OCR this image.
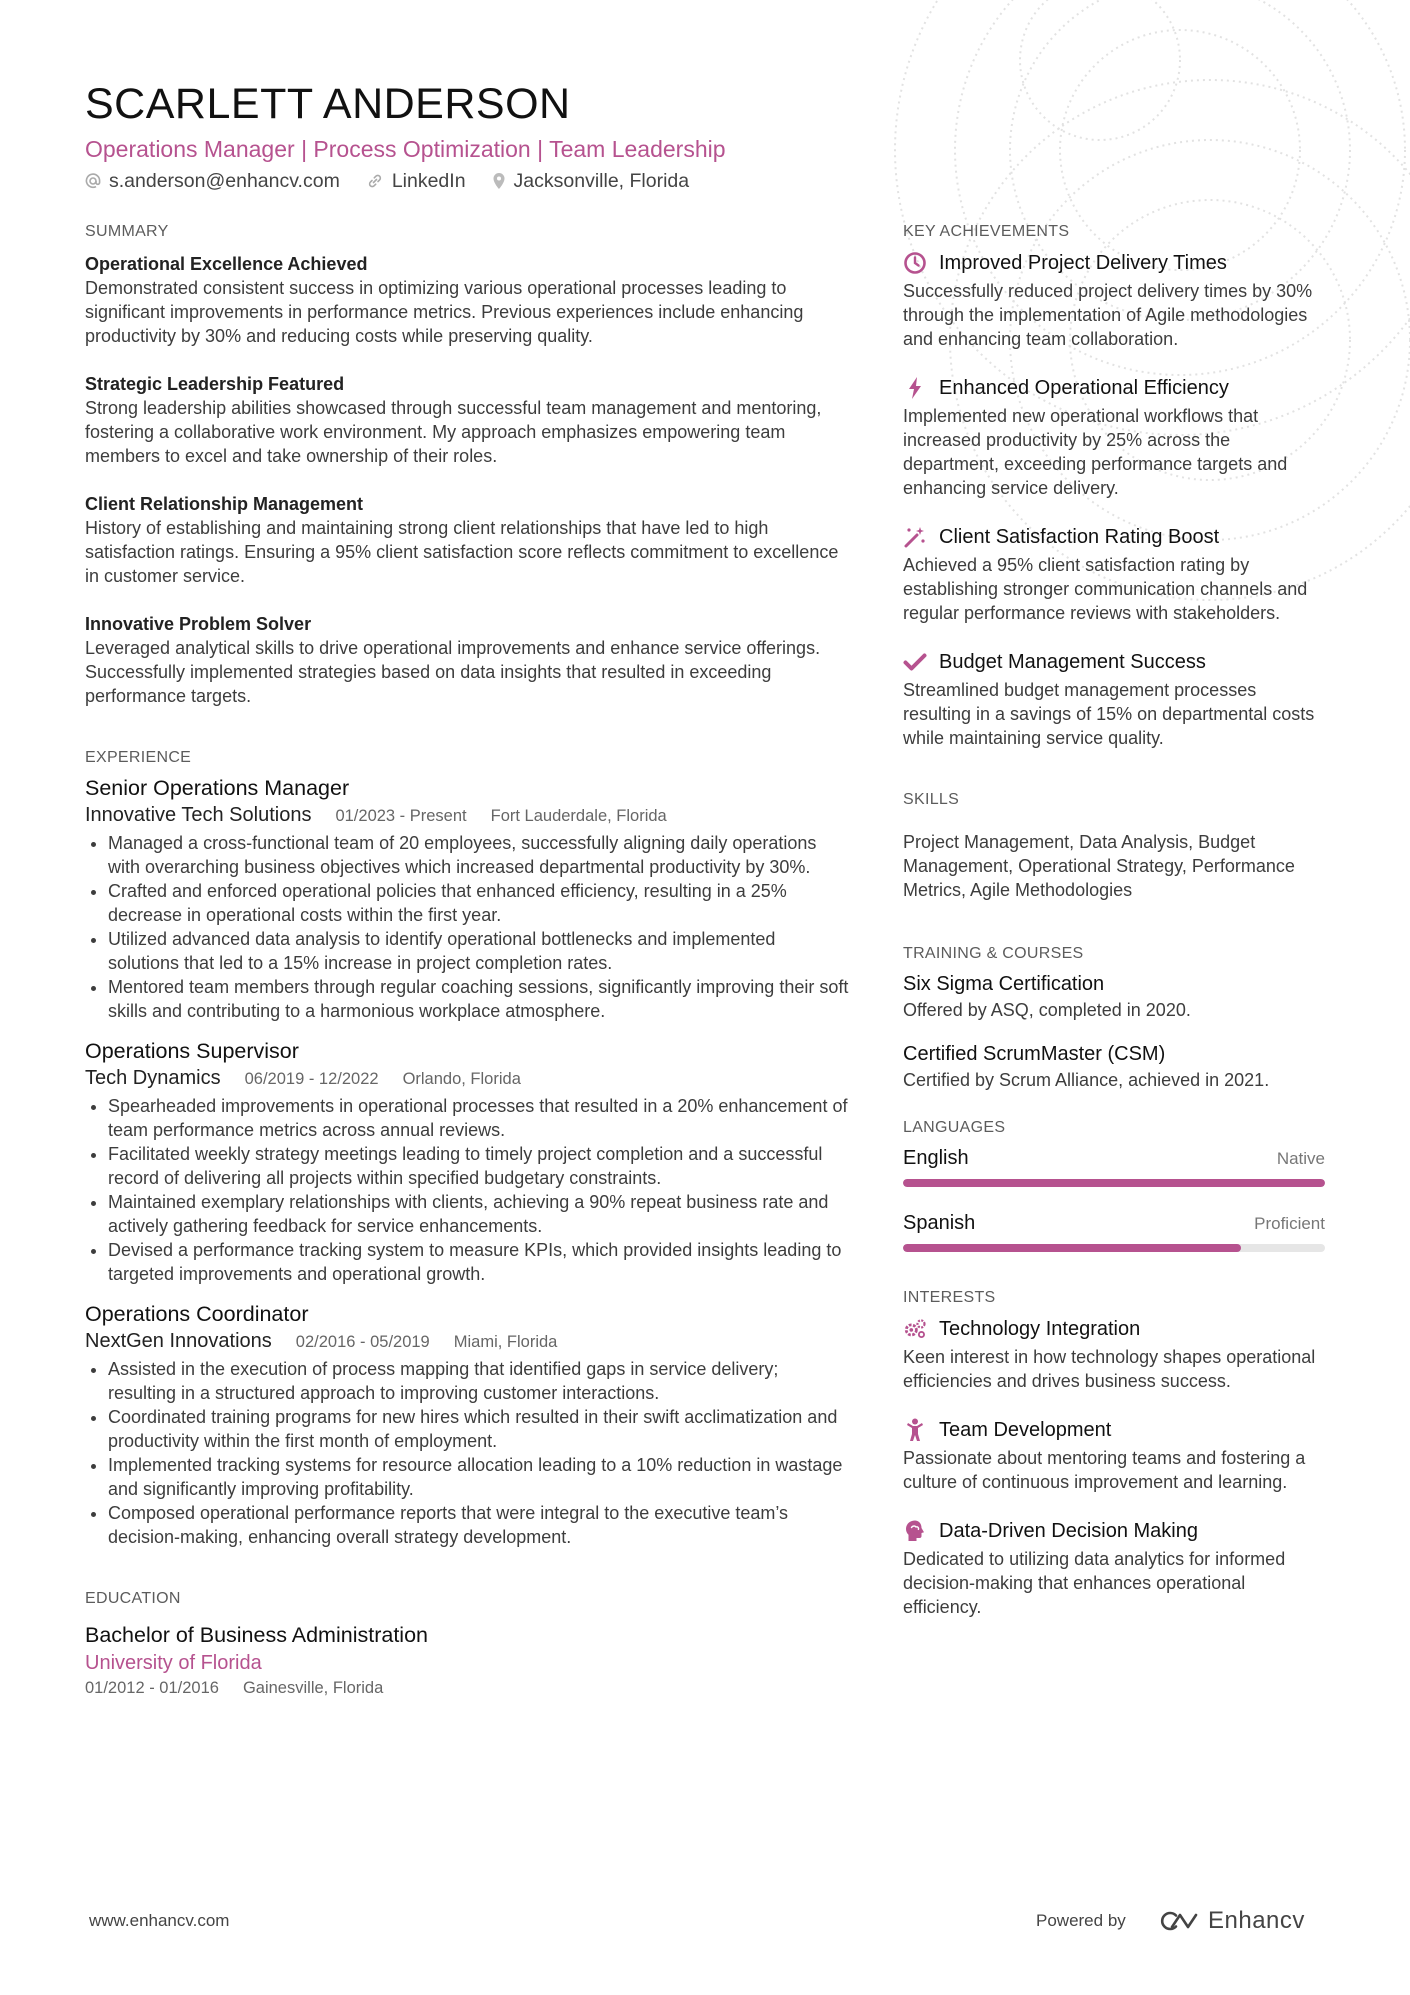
SCARLETT ANDERSON
Operations Manager | Process Optimization | Team Leadership
s.anderson@enhancv.com	LinkedIn Jacksonville, Florida
SUMMARY
Operational Excellence Achieved
Demonstrated consistent success in optimizing various operational processes leading to significant improvements in performance metrics. Previous experiences include enhancing productivity by 30% and reducing costs while preserving quality.
Strategic Leadership Featured
Strong leadership abilities showcased through successful team management and mentoring, fostering a collaborative work environment. My approach emphasizes empowering team members to excel and take ownership of their roles.
Client Relationship Management
History of establishing and maintaining strong client relationships that have led to high satisfaction ratings. Ensuring a 95% client satisfaction score reflects commitment to excellence in customer service.
Innovative Problem Solver
Leveraged analytical skills to drive operational improvements and enhance service offerings. Successfully implemented strategies based on data insights that resulted in exceeding performance targets.
EXPERIENCE
Senior Operations Manager
Innovative Tech Solutions 01/2023 - Present Fort Lauderdale, Florida
• Managed a cross-functional team of 20 employees, successfully aligning daily operations with overarching business objectives which increased departmental productivity by 30%.
• Crafted and enforced operational policies that enhanced efficiency, resulting in a 25% decrease in operational costs within the first year.
• Utilized advanced data analysis to identify operational bottlenecks and implemented solutions that led to a 15% increase in project completion rates.
• Mentored team members through regular coaching sessions, significantly improving their soft skills and contributing to a harmonious workplace atmosphere.
Operations Supervisor
Tech Dynamics 06/2019 - 12/2022 Orlando, Florida
• Spearheaded improvements in operational processes that resulted in a 20% enhancement of team performance metrics across annual reviews.
• Facilitated weekly strategy meetings leading to timely project completion and a successful record of delivering all projects within specified budgetary constraints.
• Maintained exemplary relationships with clients, achieving a 90% repeat business rate and actively gathering feedback for service enhancements.
• Devised a performance tracking system to measure KPIs, which provided insights leading to targeted improvements and operational growth.
Operations Coordinator
NextGen Innovations 02/2016 - 05/2019 Miami, Florida
• Assisted in the execution of process mapping that identified gaps in service delivery; resulting in a structured approach to improving customer interactions.
• Coordinated training programs for new hires which resulted in their swift acclimatization and productivity within the first month of employment.
• Implemented tracking systems for resource allocation leading to a 10% reduction in wastage and significantly improving profitability.
• Composed operational performance reports that were integral to the executive team’s decision-making, enhancing overall strategy development.
EDUCATION
Bachelor of Business Administration
University of Florida
01/2012 - 01/2016 Gainesville, Florida
KEY ACHIEVEMENTS
Improved Project Delivery Times
Successfully reduced project delivery times by 30% through the implementation of Agile methodologies and enhancing team collaboration.
Enhanced Operational Efficiency
Implemented new operational workflows that increased productivity by 25% across the department, exceeding performance targets and enhancing service delivery.
Client Satisfaction Rating Boost
Achieved a 95% client satisfaction rating by establishing stronger communication channels and regular performance reviews with stakeholders.
Budget Management Success
Streamlined budget management processes resulting in a savings of 15% on departmental costs while maintaining service quality.
SKILLS
Project Management, Data Analysis, Budget Management, Operational Strategy, Performance Metrics, Agile Methodologies
TRAINING & COURSES
Six Sigma Certification
Offered by ASQ, completed in 2020.
Certified ScrumMaster (CSM)
Certified by Scrum Alliance, achieved in 2021.
LANGUAGES
English	Native
Spanish	Proficient
INTERESTS
Technology Integration
Keen interest in how technology shapes operational efficiencies and drives business success.
Team Development
Passionate about mentoring teams and fostering a culture of continuous improvement and learning.
Data-Driven Decision Making
Dedicated to utilizing data analytics for informed decision-making that enhances operational efficiency.
www.enhancv.com	Powered by	Enhancv
